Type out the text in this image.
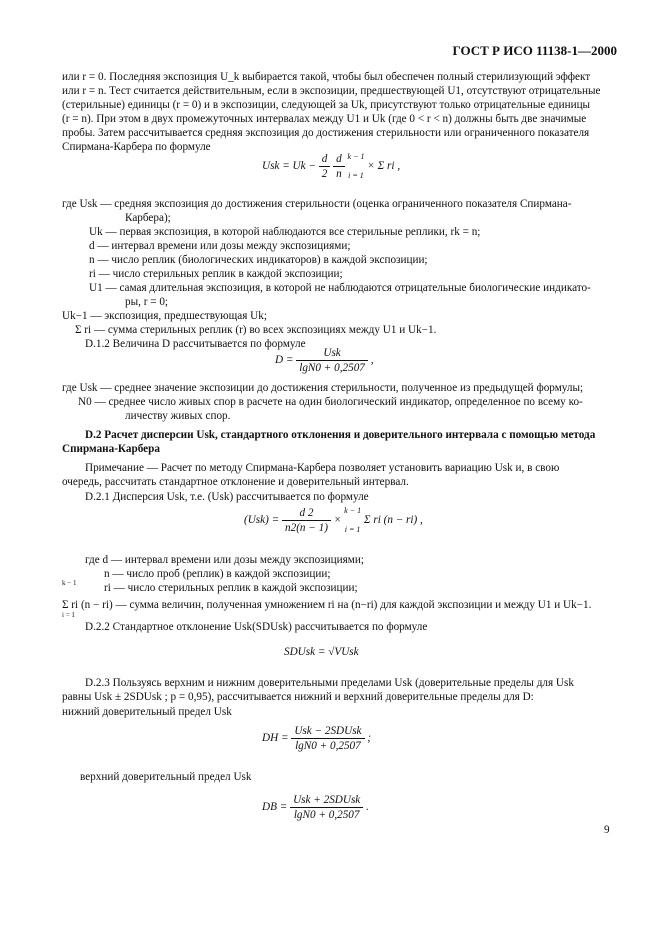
ГОСТ Р ИСО 11138-1—2000
или r = 0. Последняя экспозиция U_k выбирается такой, чтобы был обеспечен полный стерилизующий эффект
или r = n. Тест считается действительным, если в экспозиции, предшествующей U1, отсутствуют отрицательные
(стерильные) единицы (r = 0) и в экспозиции, следующей за Uk, присутствуют только отрицательные единицы
(r = n). При этом в двух промежуточных интервалах между U1 и Uk (где 0 < r < n) должны быть две значимые
пробы. Затем рассчитывается средняя экспозиция до достижения стерильности или ограниченного показателя
Спирмана-Карбера по формуле
Usk = $Uk - \frac{d}{2}$
$\frac{d}{n}$
k − 1
i = 1
× Σ ri ,
где Usk — средняя экспозиция до достижения стерильности (оценка ограниченного показателя Спирмана-
Карбера);
Uk — первая экспозиция, в которой наблюдаются все стерильные реплики, rk = n;
d — интервал времени или дозы между экспозициями;
n — число реплик (биологических индикаторов) в каждой экспозиции;
ri — число стерильных реплик в каждой экспозиции;
U1 — самая длительная экспозиция, в которой не наблюдаются отрицательные биологические индикато-
ры, r = 0;
Uk−1 — экспозиция, предшествующая Uk;
Σ ri — сумма стерильных реплик (r) во всех экспозициях между U1 и Uk−1.
D.1.2 Величина D рассчитывается по формуле
$D = \frac{\text{Usk}}{\lg N0 + 0,2507}$ ,
где Usk — среднее значение экспозиции до достижения стерильности, полученное из предыдущей формулы;
N0 — среднее число живых спор в расчете на один биологический индикатор, определенное по всему ко-
личеству живых спор.
D.2 Расчет дисперсии Usk, стандартного отклонения и доверительного интервала с помощью метода
Спирмана-Карбера
Примечание — Расчет по методу Спирмана-Карбера позволяет установить вариацию Usk и, в свою
очередь, рассчитать стандартное отклонение и доверительный интервал.
D.2.1 Дисперсия Usk, т.е. (Usk) рассчитывается по формуле
$(Usk) = \frac{d 2}{n2(n - 1)}$ ×
k − 1
i = 1
Σ ri (n − ri) ,
где d — интервал времени или дозы между экспозициями;
n — число проб (реплик) в каждой экспозиции;
ri — число стерильных реплик в каждой экспозиции;
k − 1
Σ ri (n − ri) — сумма величин, полученная умножением ri на (n−ri) для каждой экспозиции и между U1 и Uk−1.
i = 1
D.2.2 Стандартное отклонение Usk(SDUsk) рассчитывается по формуле
SDUsk = √VUsk
D.2.3 Пользуясь верхним и нижним доверительными пределами Usk (доверительные пределы для Usk
равны Usk ± 2SDUsk ; p = 0,95), рассчитывается нижний и верхний доверительные пределы для D:
нижний доверительный предел Usk
DН = $\frac{\text{Usk − 2SDUsk}}{\lg N0 + 0,2507}$ ;
верхний доверительный предел Usk
DВ = $\frac{\text{Usk + 2SDUsk}}{\lg N0 + 0,2507}$ .
9
